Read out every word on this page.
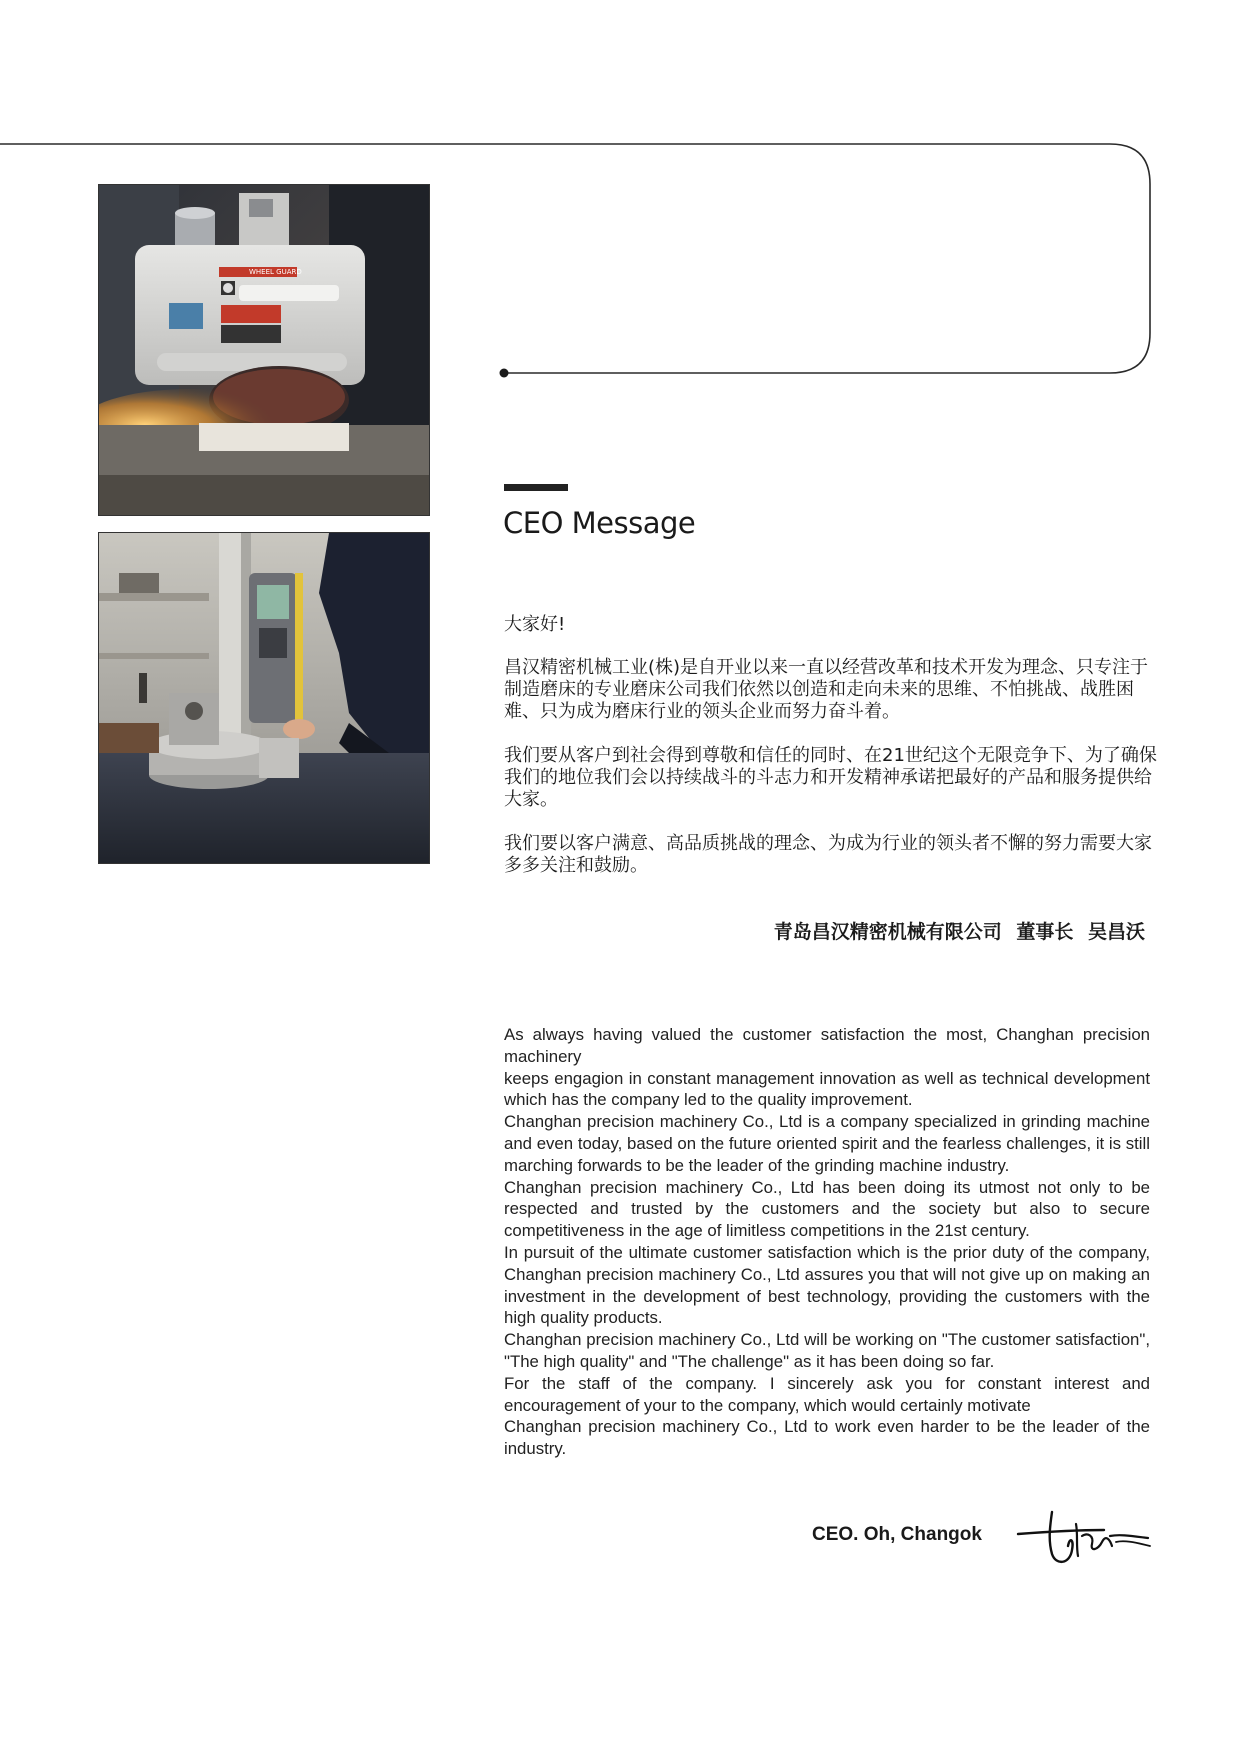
WHEEL GUARD
CEO Message

大家好!

昌汉精密机械工业(株)是自开业以来一直以经营改革和技术开发为理念、只专注于制造磨床的专业磨床公司我们依然以创造和走向未来的思维、不怕挑战、战胜困难、只为成为磨床行业的领头企业而努力奋斗着。

我们要从客户到社会得到尊敬和信任的同时、在21世纪这个无限竞争下、为了确保我们的地位我们会以持续战斗的斗志力和开发精神承诺把最好的产品和服务提供给大家。

我们要以客户满意、高品质挑战的理念、为成为行业的领头者不懈的努力需要大家多多关注和鼓励。

青岛昌汉精密机械有限公司 董事长 吴昌沃

As always having valued the customer satisfaction the most, Changhan precision machinery
keeps engagion in constant management innovation as well as technical development which has the company led to the quality improvement.
Changhan precision machinery Co., Ltd is a company specialized in grinding machine and even today, based on the future oriented spirit and the fearless challenges, it is still marching forwards to be the leader of the grinding machine industry.
Changhan precision machinery Co., Ltd has been doing its utmost not only to be respected and trusted by the customers and the society but also to secure competitiveness in the age of limitless competitions in the 21st century.
In pursuit of the ultimate customer satisfaction which is the prior duty of the company, Changhan precision machinery Co., Ltd assures you that will not give up on making an investment in the development of best technology, providing the customers with the high quality products.
Changhan precision machinery Co., Ltd will be working on "The customer satisfaction", "The high quality" and "The challenge" as it has been doing so far.
For the staff of the company. I sincerely ask you for constant interest and encouragement of your to the company, which would certainly motivate
Changhan precision machinery Co., Ltd to work even harder to be the leader of the industry.

CEO. Oh, Changok
